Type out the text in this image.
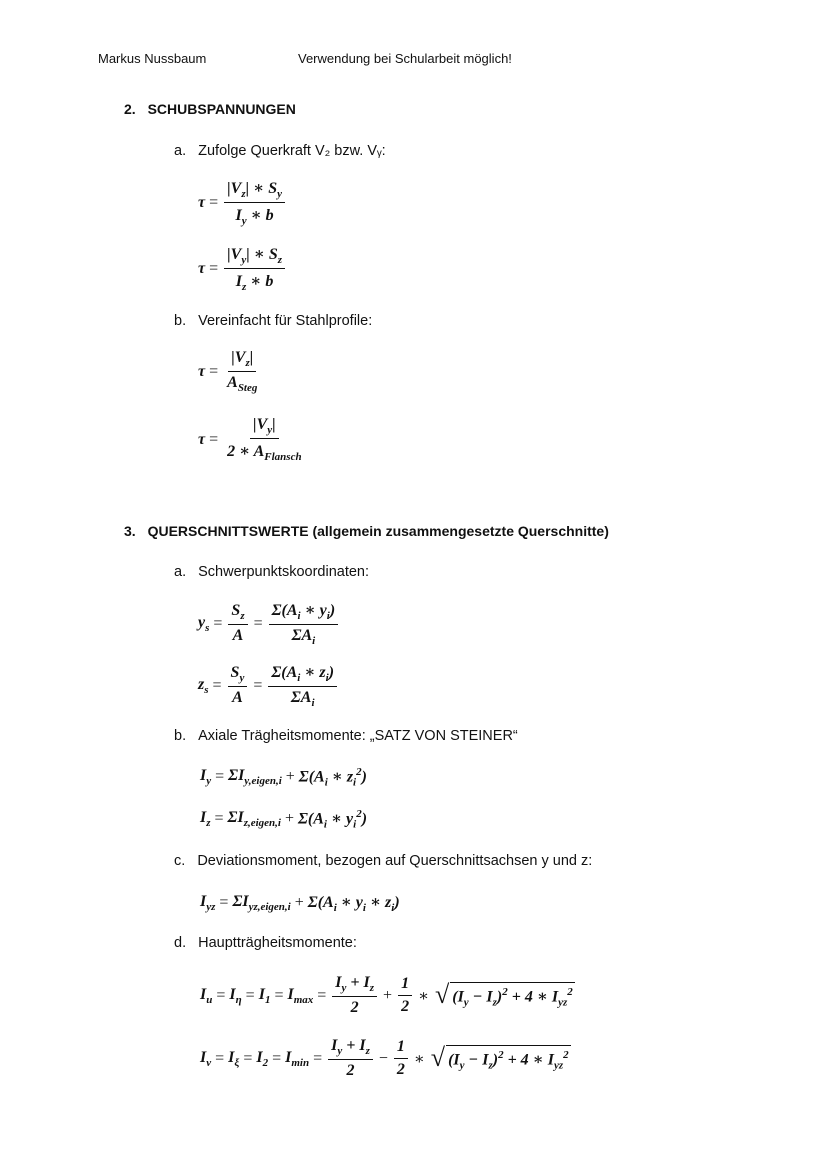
Markus Nussbaum	Verwendung bei Schularbeit möglich!
2. SCHUBSPANNUNGEN
a. Zufolge Querkraft V₂ bzw. Vᵧ:
$\tau = \frac{|V_z| ∗ S_y}{I_y ∗ b}$
$\tau = \frac{|V_y| ∗ S_z}{I_z ∗ b}$
b. Vereinfacht für Stahlprofile:
$\tau = \frac{|V_z|}{A_{Steg}}$
$\tau = \frac{|V_y|}{2 ∗ A_{Flansch}}$
3. QUERSCHNITTSWERTE (allgemein zusammengesetzte Querschnitte)
a. Schwerpunktskoordinaten:
$y_s = \frac{S_z}{A} = \frac{\Sigma(A_i ∗ y_i)}{\Sigma A_i}$
$z_s = \frac{S_y}{A} = \frac{\Sigma(A_i ∗ z_i)}{\Sigma A_i}$
b. Axiale Trägheitsmomente: „SATZ VON STEINER“
$I_y = \Sigma I_{y,eigen,i} + \Sigma(A_i$ ∗ $z_i^2$)
$I_z = \Sigma I_{z,eigen,i} + \Sigma(A_i$ ∗ $y_i^2$)
c. Deviationsmoment, bezogen auf Querschnittsachsen y und z:
$I_{yz} = \Sigma I_{yz,eigen,i} + \Sigma(A_i$ ∗ $y_i$ ∗ $z_i$)
d. Hauptträgheitsmomente:
$I_u = I_\eta = I_1 = I_{max} = \frac{I_y + I_z}{2} + \frac{1}{2}$ ∗ √ $(I_y - I_z)^2 + 4$ ∗ $I_{yz}^2$
$I_v = I_\xi = I_2 = I_{min} = \frac{I_y + I_z}{2} - \frac{1}{2}$ ∗ √ $(I_y - I_z)^2 + 4$ ∗ $I_{yz}^2$
